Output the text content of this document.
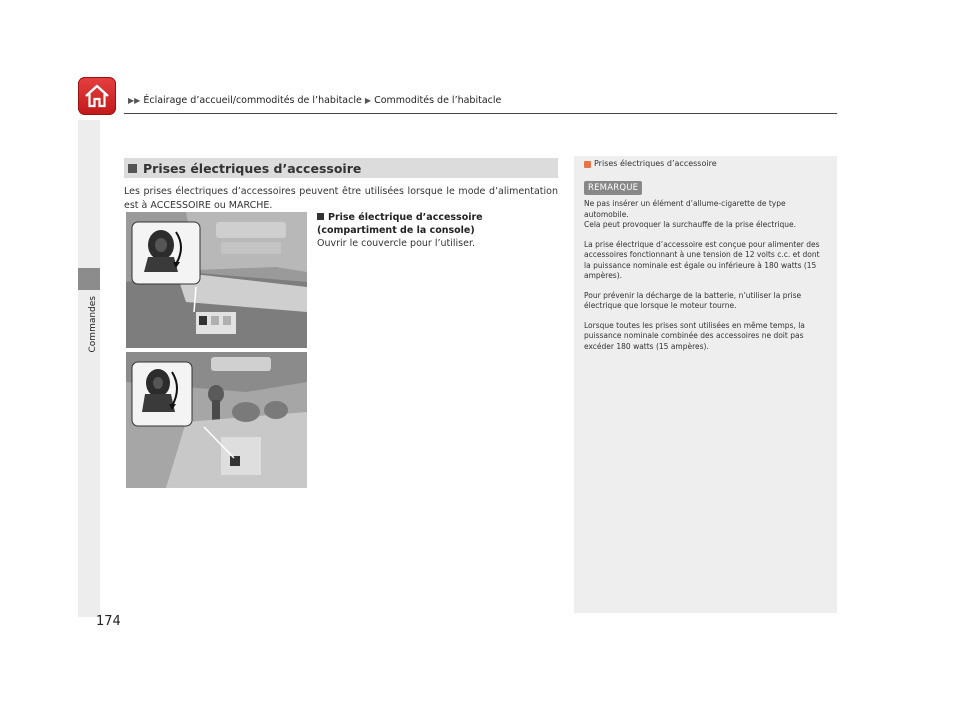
▶▶ Éclairage d’accueil/commodités de l’habitacle ▶ Commodités de l’habitacle
Commandes
Prises électriques d’accessoire
Les prises électriques d’accessoires peuvent être utilisées lorsque le mode d’alimentation est à ACCESSOIRE ou MARCHE.
Prise électrique d’accessoire (compartiment de la console)
Ouvrir le couvercle pour l’utiliser.
Prises électriques d’accessoire
REMARQUE

Ne pas insérer un élément d’allume-cigarette de type automobile.

Cela peut provoquer la surchauffe de la prise électrique.

La prise électrique d’accessoire est conçue pour alimenter des accessoires fonctionnant à une tension de 12 volts c.c. et dont la puissance nominale est égale ou inférieure à 180 watts (15 ampères).

Pour prévenir la décharge de la batterie, n’utiliser la prise électrique que lorsque le moteur tourne.

Lorsque toutes les prises sont utilisées en même temps, la puissance nominale combinée des accessoires ne doit pas excéder 180 watts (15 ampères).

174
